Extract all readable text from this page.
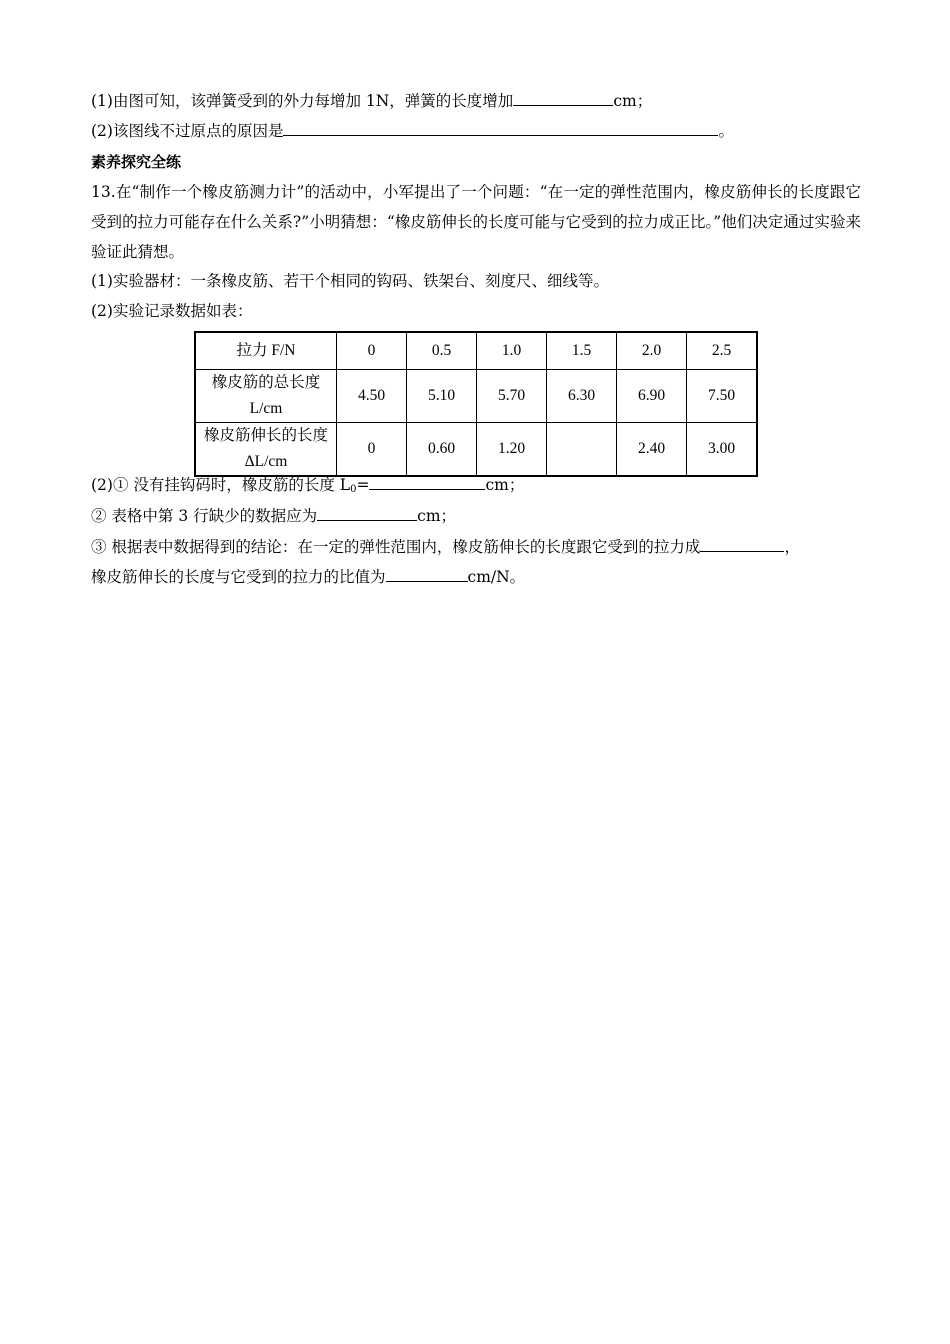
(1)由图可知，该弹簧受到的外力每增加 1N，弹簧的长度增加	cm；
(2)该图线不过原点的原因是	。
素养探究全练
13.在“制作一个橡皮筋测力计”的活动中，小军提出了一个问题：“在一定的弹性范围内，橡皮筋伸长的长度跟它受到的拉力可能存在什么关系?”小明猜想：“橡皮筋伸长的长度可能与它受到的拉力成正比。”他们决定通过实验来验证此猜想。
(1)实验器材：一条橡皮筋、若干个相同的钩码、铁架台、刻度尺、细线等。
(2)实验记录数据如表：
拉力 F/N	0	0.5	1.0	1.5	2.0	2.5

橡皮筋的总长度
L/cm	4.50	5.10	5.70	6.30	6.90	7.50

橡皮筋伸长的长度
ΔL/cm	0	0.60	1.20		2.40	3.00
(2)① 没有挂钩码时，橡皮筋的长度 $L_0=$	cm；
② 表格中第 3 行缺少的数据应为	cm；
③ 根据表中数据得到的结论：在一定的弹性范围内，橡皮筋伸长的长度跟它受到的拉力成	，
橡皮筋伸长的长度与它受到的拉力的比值为	cm/N。
